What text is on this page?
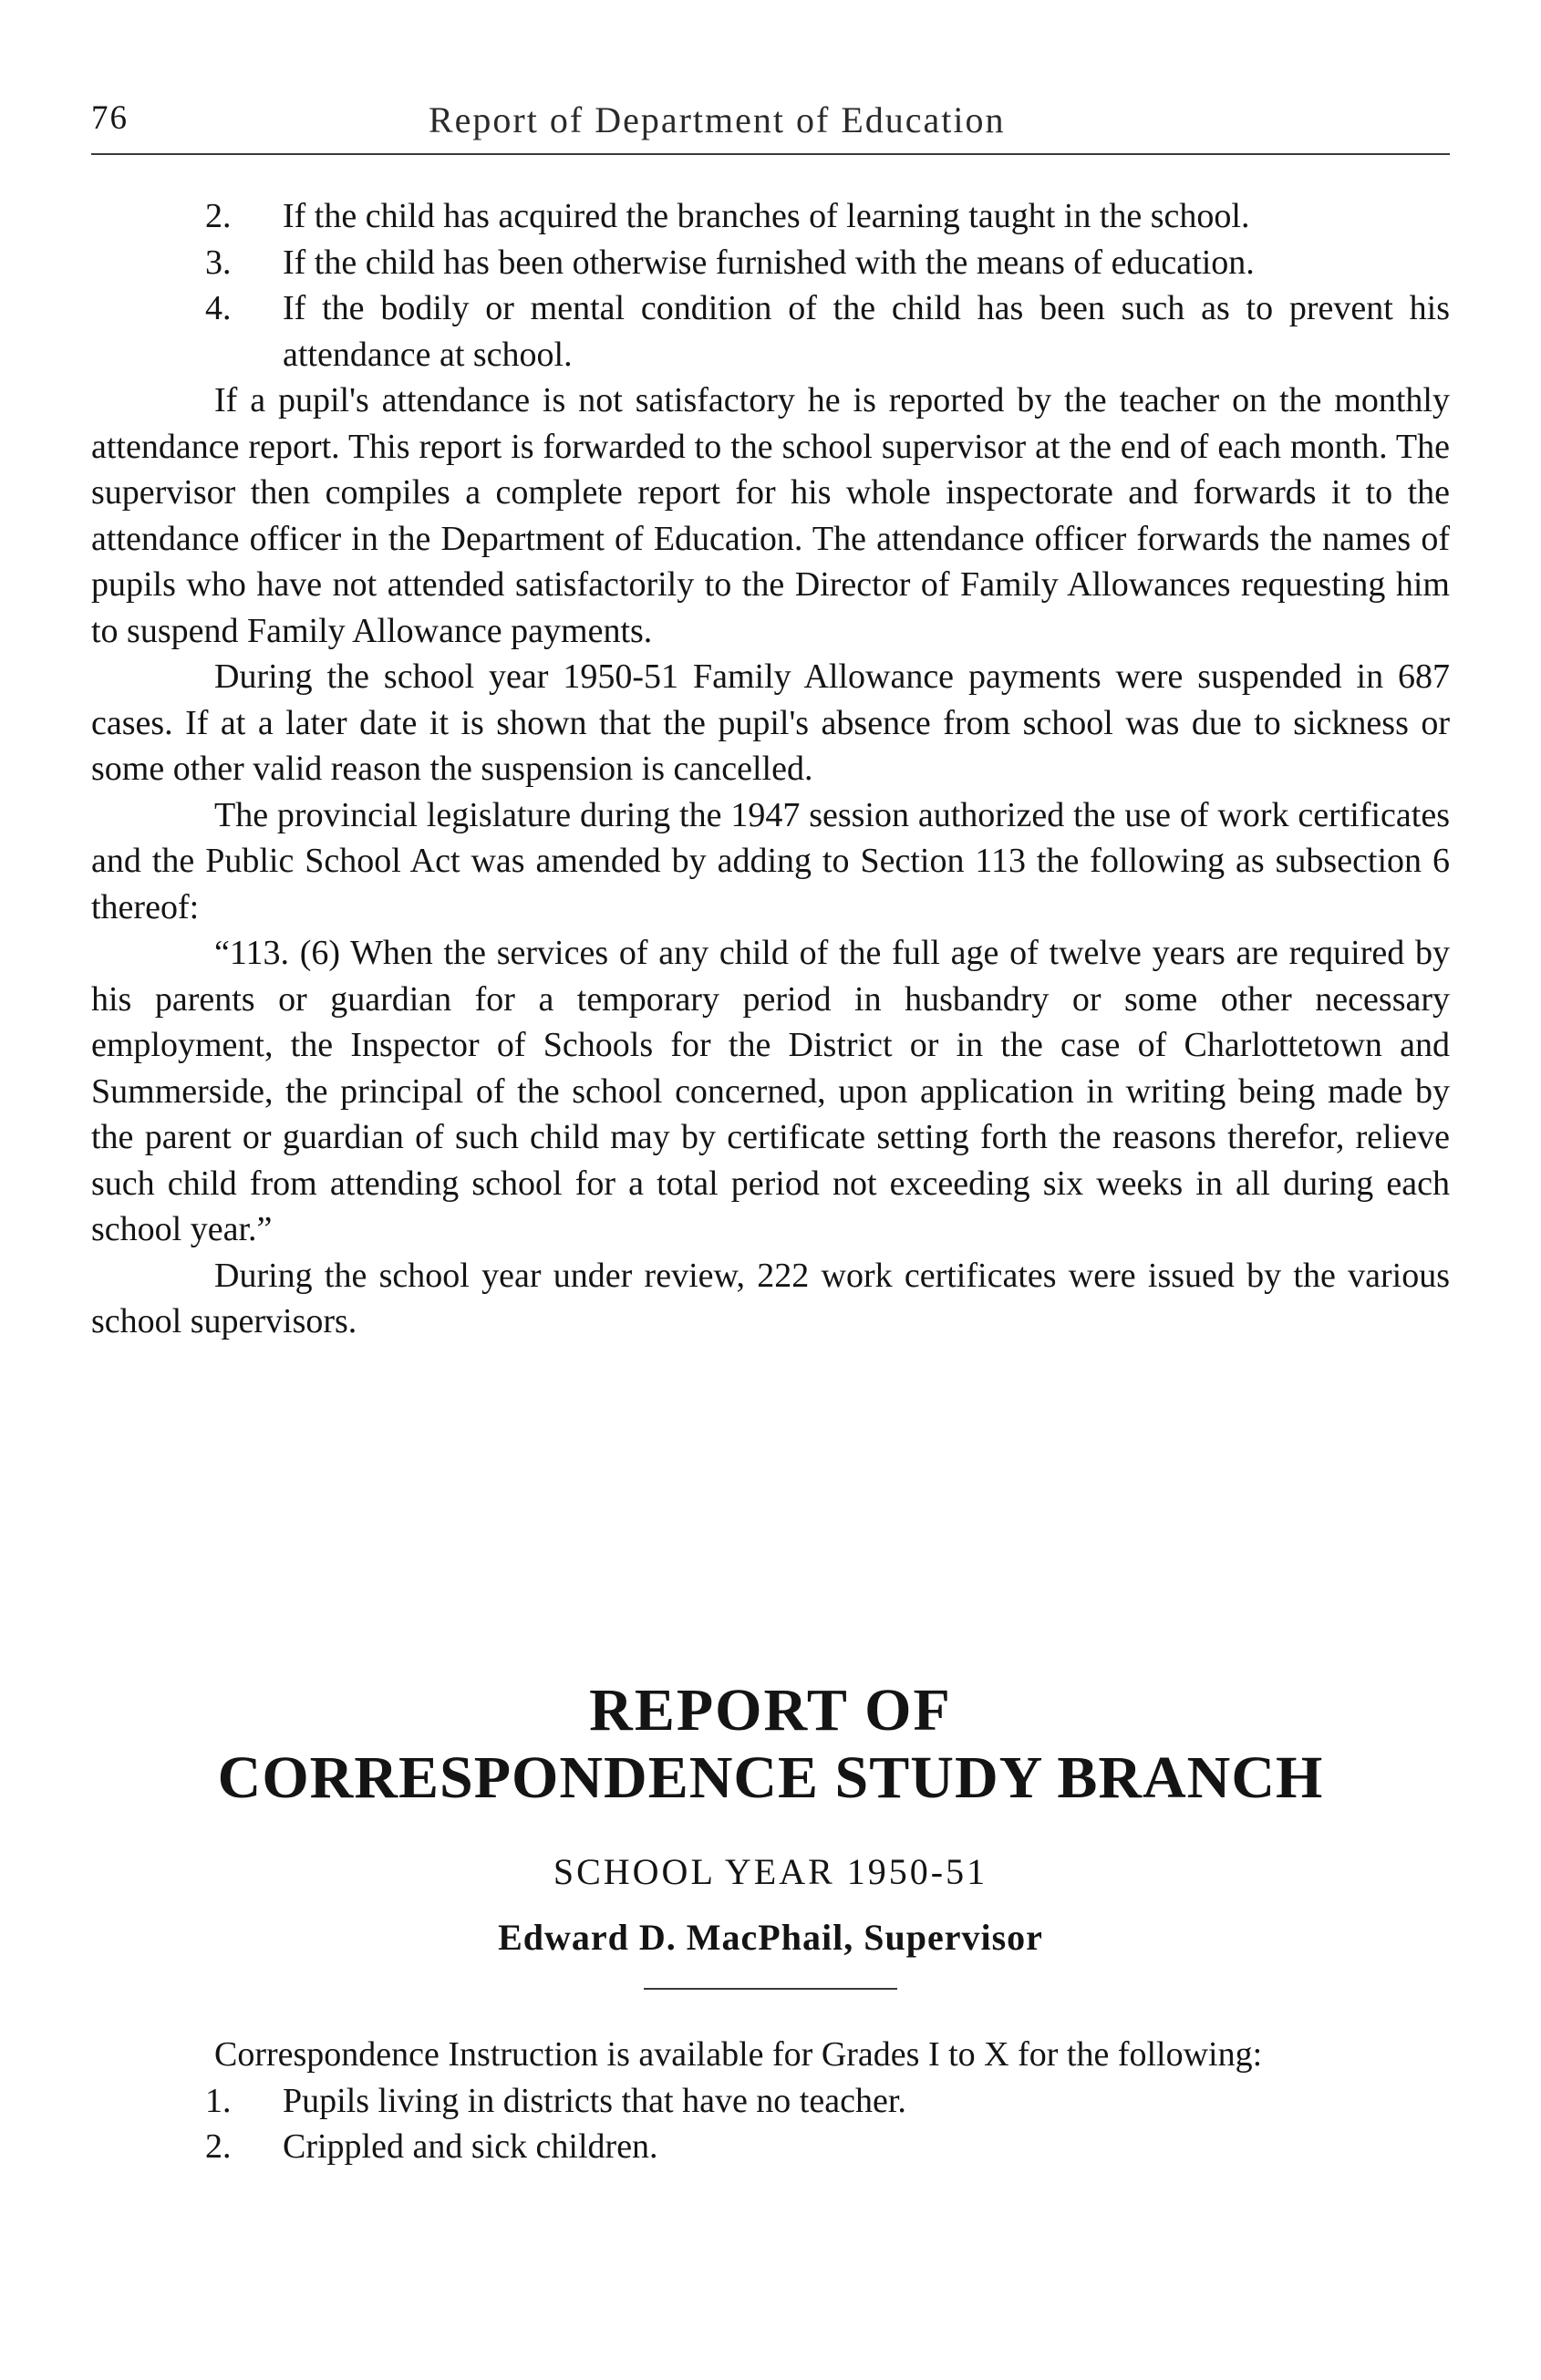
76	Report of Department of Education
2. If the child has acquired the branches of learning taught in the school.
3. If the child has been otherwise furnished with the means of education.
4. If the bodily or mental condition of the child has been such as to prevent his attendance at school.

If a pupil's attendance is not satisfactory he is reported by the teacher on the monthly attendance report. This report is forwarded to the school supervisor at the end of each month. The supervisor then compiles a complete report for his whole inspectorate and forwards it to the attendance officer in the Department of Education. The attendance officer forwards the names of pupils who have not attended satisfactorily to the Director of Family Allowances requesting him to suspend Family Allowance payments.

During the school year 1950-51 Family Allowance payments were suspended in 687 cases. If at a later date it is shown that the pupil's absence from school was due to sickness or some other valid reason the suspension is cancelled.

The provincial legislature during the 1947 session authorized the use of work certificates and the Public School Act was amended by adding to Section 113 the following as subsection 6 thereof:

“113. (6) When the services of any child of the full age of twelve years are required by his parents or guardian for a temporary period in husbandry or some other necessary employment, the Inspector of Schools for the District or in the case of Charlottetown and Summerside, the principal of the school concerned, upon application in writing being made by the parent or guardian of such child may by certificate setting forth the reasons therefor, relieve such child from attending school for a total period not exceeding six weeks in all during each school year.”

During the school year under review, 222 work certificates were issued by the various school supervisors.

REPORT OF
CORRESPONDENCE STUDY BRANCH
SCHOOL YEAR 1950-51
Edward D. MacPhail, Supervisor

Correspondence Instruction is available for Grades I to X for the following:

1. Pupils living in districts that have no teacher.
2. Crippled and sick children.
